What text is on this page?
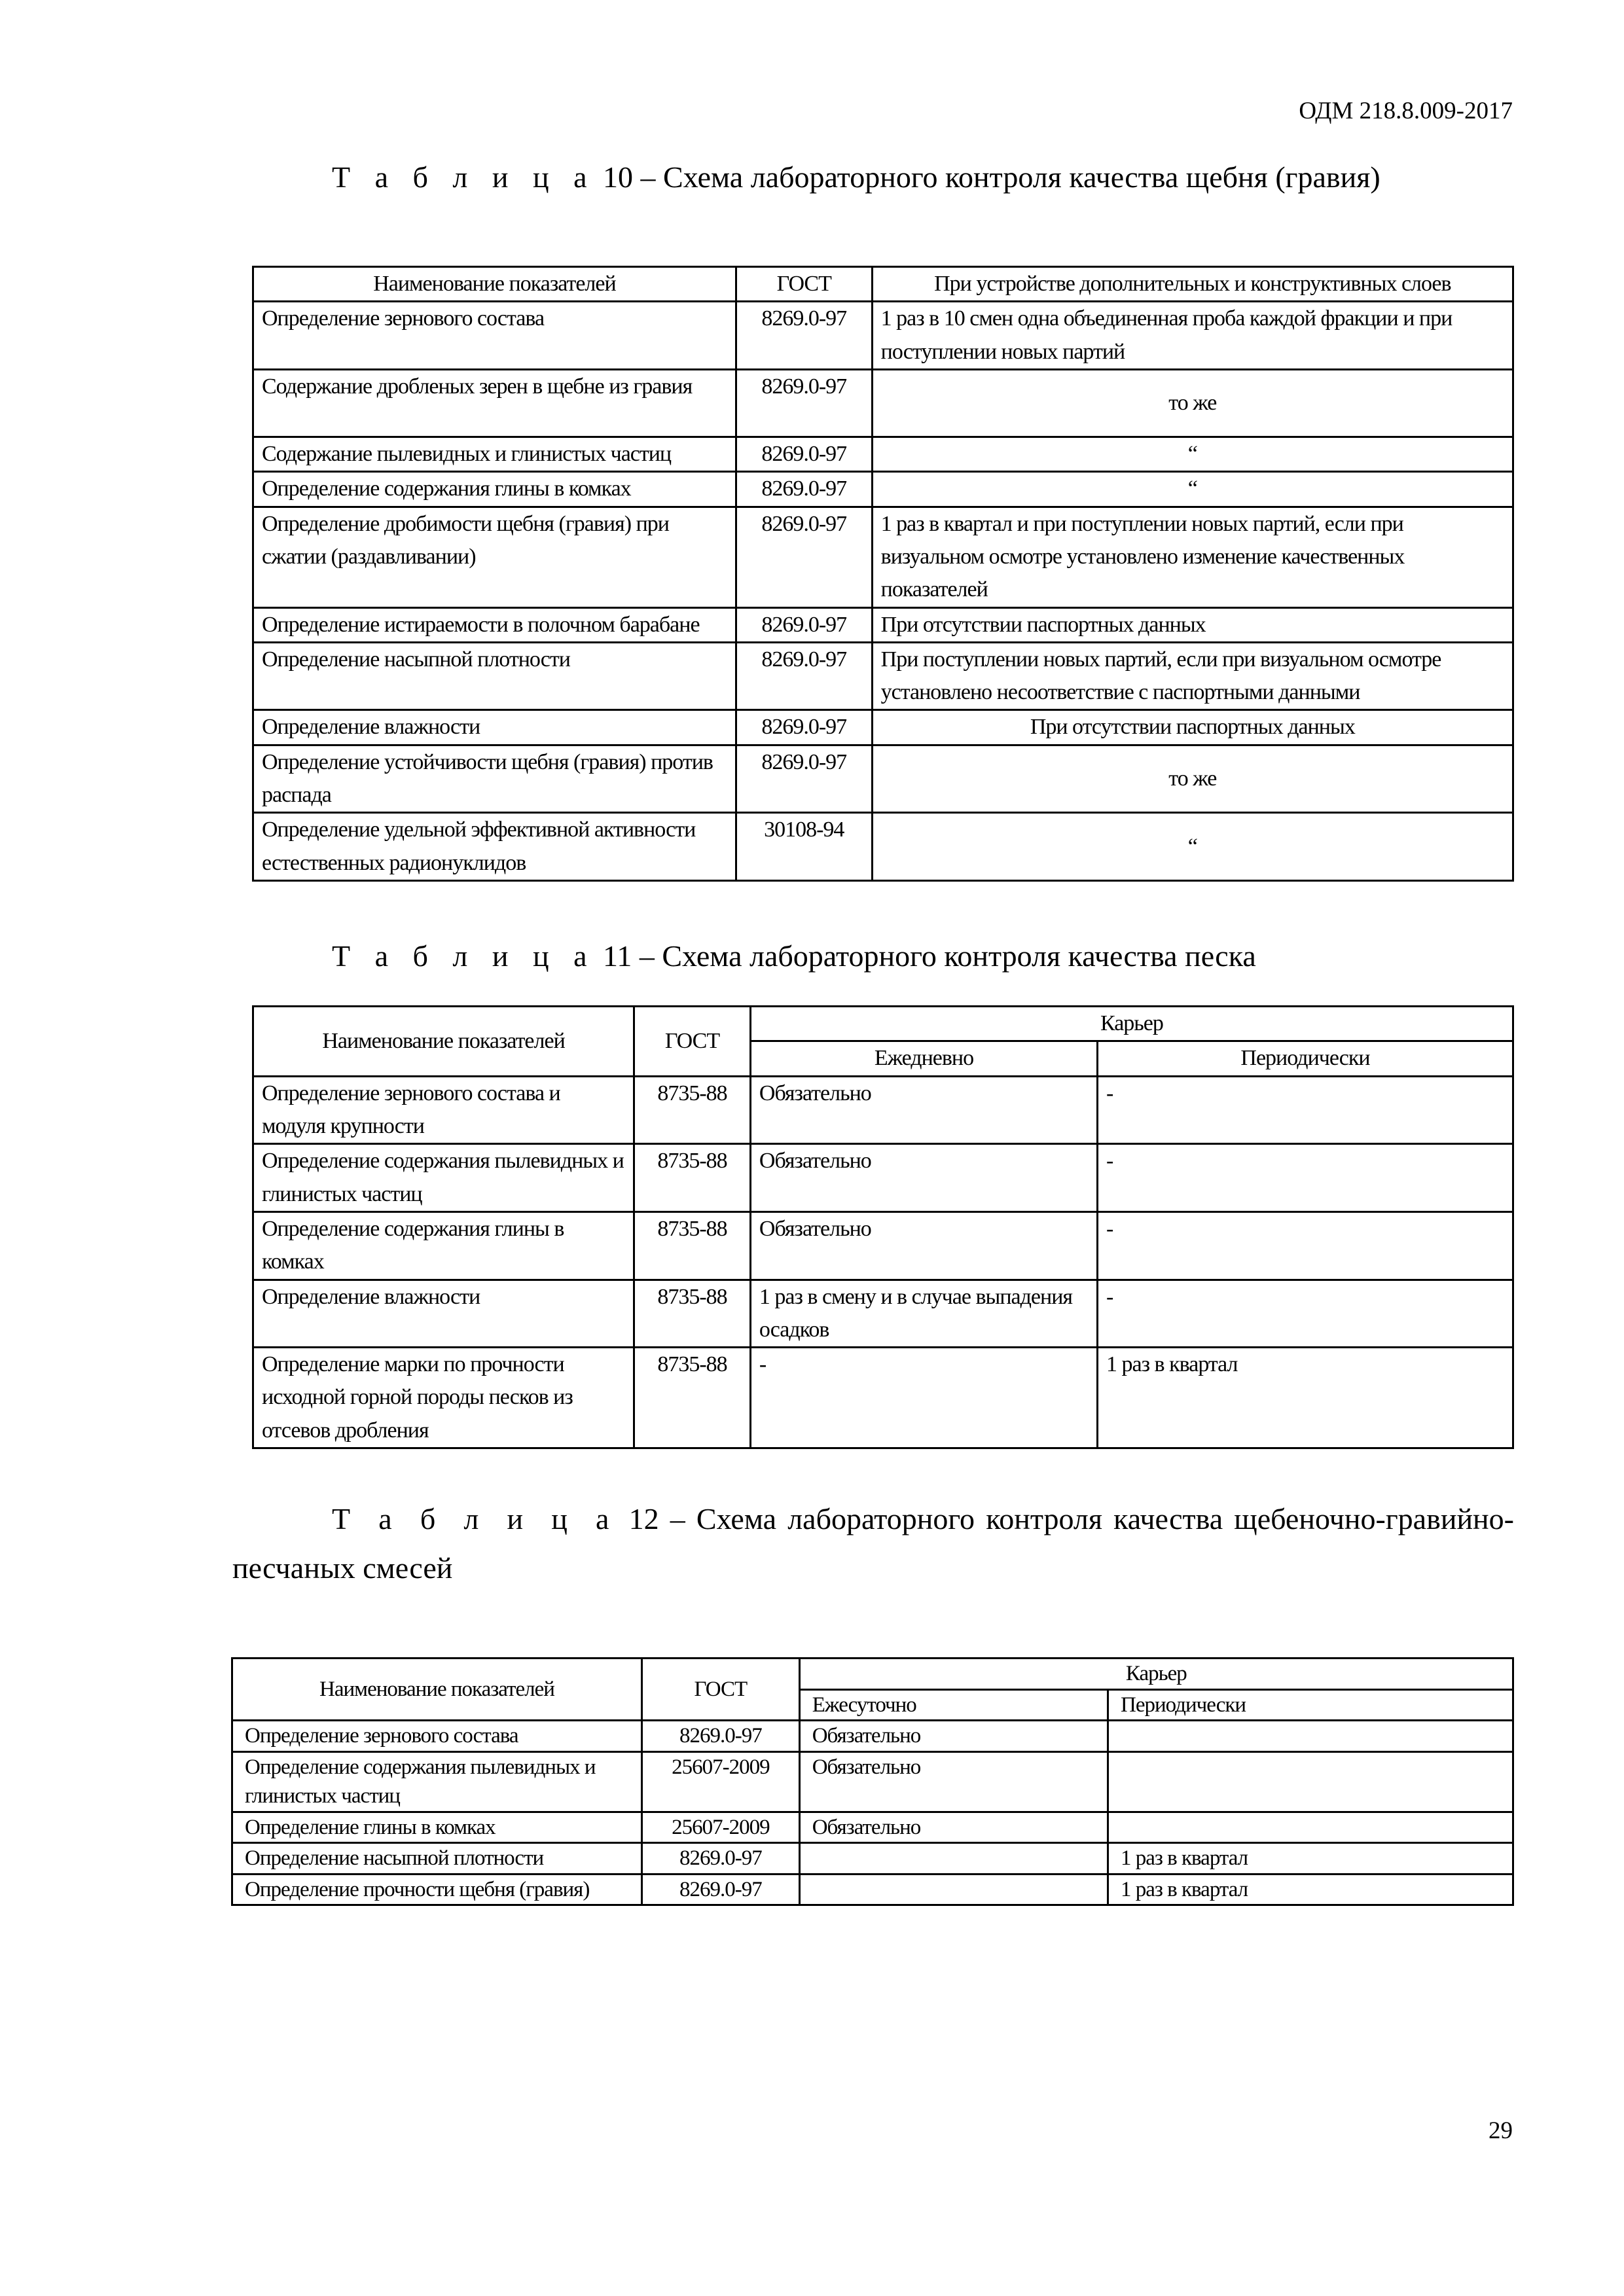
ОДМ 218.8.009-2017
Т а б л и ц а 10 – Схема лабораторного контроля качества щебня (гравия)
Наименование показателей	ГОСТ	При устройстве дополнительных и конструктивных слоев
Определение зернового состава	8269.0-97	1 раз в 10 смен одна объединенная проба каждой фракции и при поступлении новых партий
Содержание дробленых зерен в щебне из гравия	8269.0-97	то же
Содержание пылевидных и глинистых частиц	8269.0-97	“
Определение содержания глины в комках	8269.0-97	“
Определение дробимости щебня (гравия) при сжатии (раздавливании)	8269.0-97	1 раз в квартал и при поступлении новых партий, если при визуальном осмотре установлено изменение качественных показателей
Определение истираемости в полочном барабане	8269.0-97	При отсутствии паспортных данных
Определение насыпной плотности	8269.0-97	При поступлении новых партий, если при визуальном осмотре установлено несоответствие с паспортными данными
Определение влажности	8269.0-97	При отсутствии паспортных данных
Определение устойчивости щебня (гравия) против распада	8269.0-97	то же
Определение удельной эффективной активности естественных радионуклидов	30108-94	“
Т а б л и ц а 11 – Схема лабораторного контроля качества песка
Наименование показателей	ГОСТ	Карьер	
		Ежедневно	Периодически
Определение зернового состава и модуля крупности	8735-88	Обязательно	-
Определение содержания пылевидных и глинистых частиц	8735-88	Обязательно	-
Определение содержания глины в комках	8735-88	Обязательно	-
Определение влажности	8735-88	1 раз в смену и в случае выпадения осадков	-
Определение марки по прочности исходной горной породы песков из отсевов дробления	8735-88	-	1 раз в квартал
Т а б л и ц а 12 – Схема лабораторного контроля качества щебеночно-гравийно-песчаных смесей
Наименование показателей	ГОСТ	Карьер	
		Ежесуточно	Периодически
Определение зернового состава	8269.0-97	Обязательно	
Определение содержания пылевидных и глинистых частиц	25607-2009	Обязательно	
Определение глины в комках	25607-2009	Обязательно	
Определение насыпной плотности	8269.0-97		1 раз в квартал
Определение прочности щебня (гравия)	8269.0-97		1 раз в квартал
29
